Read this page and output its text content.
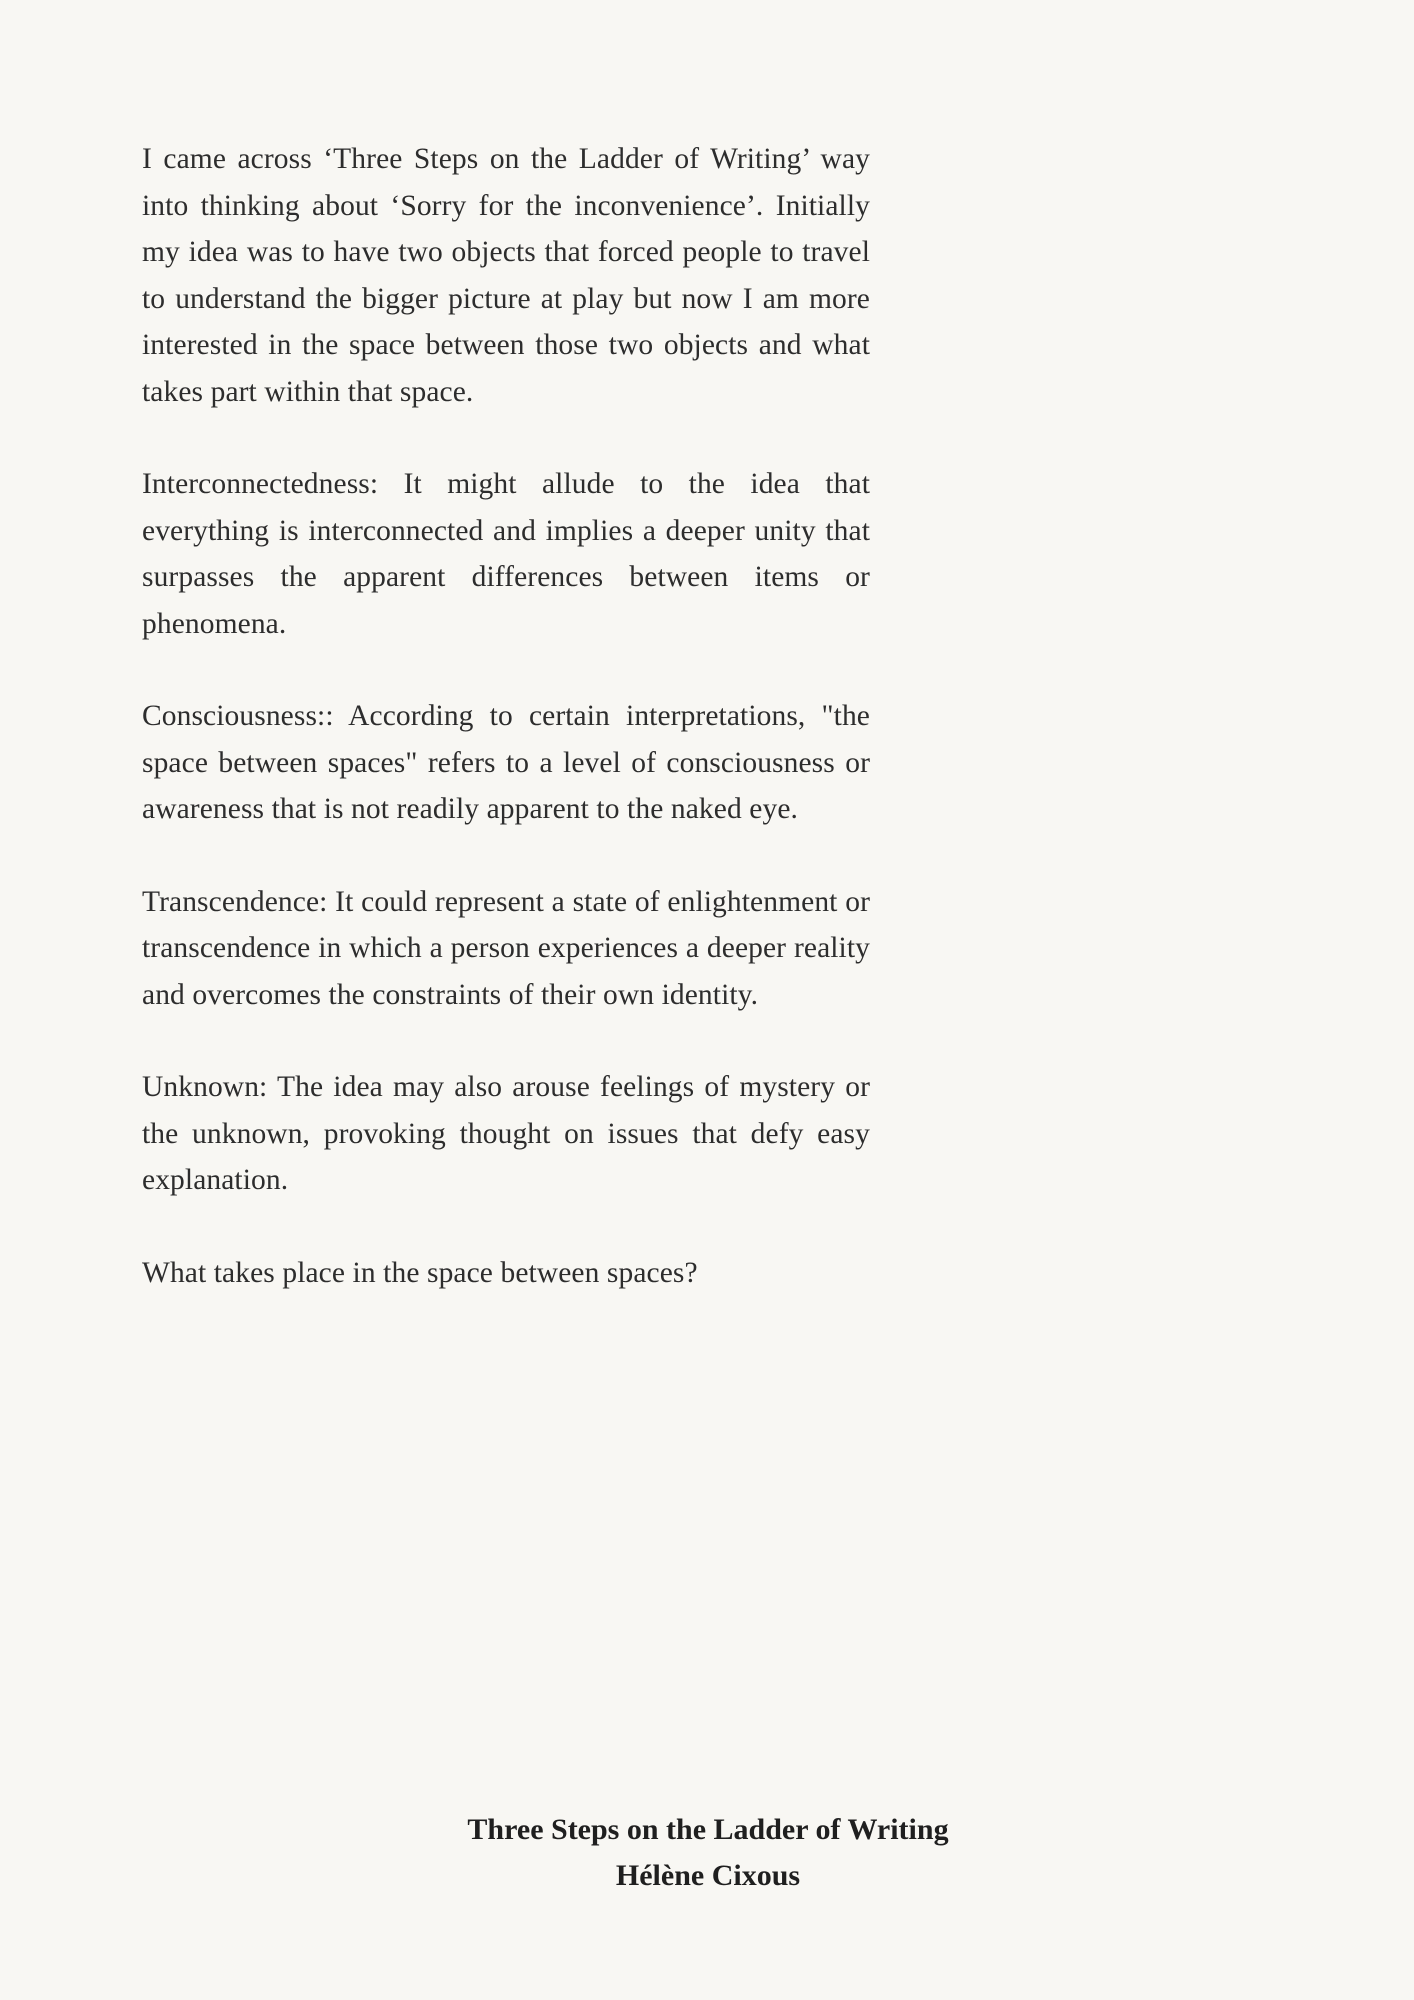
I came across ‘Three Steps on the Ladder of Writing’ way into thinking about ‘Sorry for the inconvenience’. Initially my idea was to have two objects that forced people to travel to understand the bigger picture at play but now I am more interested in the space between those two objects and what takes part within that space.

Interconnectedness: It might allude to the idea that everything is interconnected and implies a deeper unity that surpasses the apparent differences between items or phenomena.

Consciousness:: According to certain interpretations, "the space between spaces" refers to a level of consciousness or awareness that is not readily apparent to the naked eye.

Transcendence: It could represent a state of enlightenment or transcendence in which a person experiences a deeper reality and overcomes the constraints of their own identity.

Unknown: The idea may also arouse feelings of mystery or the unknown, provoking thought on issues that defy easy explanation.

What takes place in the space between spaces?

Three Steps on the Ladder of Writing
Hélène Cixous
